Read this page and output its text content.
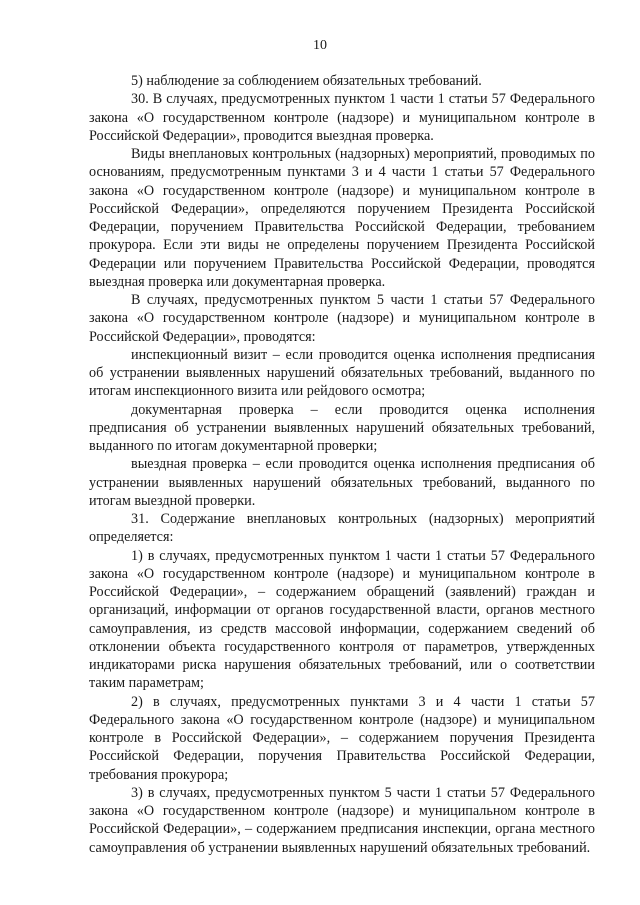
10

5) наблюдение за соблюдением обязательных требований.

30. В случаях, предусмотренных пунктом 1 части 1 статьи 57 Федерального закона «О государственном контроле (надзоре) и муниципальном контроле в Российской Федерации», проводится выездная проверка.

Виды внеплановых контрольных (надзорных) мероприятий, проводимых по основаниям, предусмотренным пунктами 3 и 4 части 1 статьи 57 Федерального закона «О государственном контроле (надзоре) и муниципальном контроле в Российской Федерации», определяются поручением Президента Российской Федерации, поручением Правительства Российской Федерации, требованием прокурора. Если эти виды не определены поручением Президента Российской Федерации или поручением Правительства Российской Федерации, проводятся выездная проверка или документарная проверка.

В случаях, предусмотренных пунктом 5 части 1 статьи 57 Федерального закона «О государственном контроле (надзоре) и муниципальном контроле в Российской Федерации», проводятся:

инспекционный визит – если проводится оценка исполнения предписания об устранении выявленных нарушений обязательных требований, выданного по итогам инспекционного визита или рейдового осмотра;

документарная проверка – если проводится оценка исполнения предписания об устранении выявленных нарушений обязательных требований, выданного по итогам документарной проверки;

выездная проверка – если проводится оценка исполнения предписания об устранении выявленных нарушений обязательных требований, выданного по итогам выездной проверки.

31. Содержание внеплановых контрольных (надзорных) мероприятий определяется:

1) в случаях, предусмотренных пунктом 1 части 1 статьи 57 Федерального закона «О государственном контроле (надзоре) и муниципальном контроле в Российской Федерации», – содержанием обращений (заявлений) граждан и организаций, информации от органов государственной власти, органов местного самоуправления, из средств массовой информации, содержанием сведений об отклонении объекта государственного контроля от параметров, утвержденных индикаторами риска нарушения обязательных требований, или о соответствии таким параметрам;

2) в случаях, предусмотренных пунктами 3 и 4 части 1 статьи 57 Федерального закона «О государственном контроле (надзоре) и муниципальном контроле в Российской Федерации», – содержанием поручения Президента Российской Федерации, поручения Правительства Российской Федерации, требования прокурора;

3) в случаях, предусмотренных пунктом 5 части 1 статьи 57 Федерального закона «О государственном контроле (надзоре) и муниципальном контроле в Российской Федерации», – содержанием предписания инспекции, органа местного самоуправления об устранении выявленных нарушений обязательных требований.
